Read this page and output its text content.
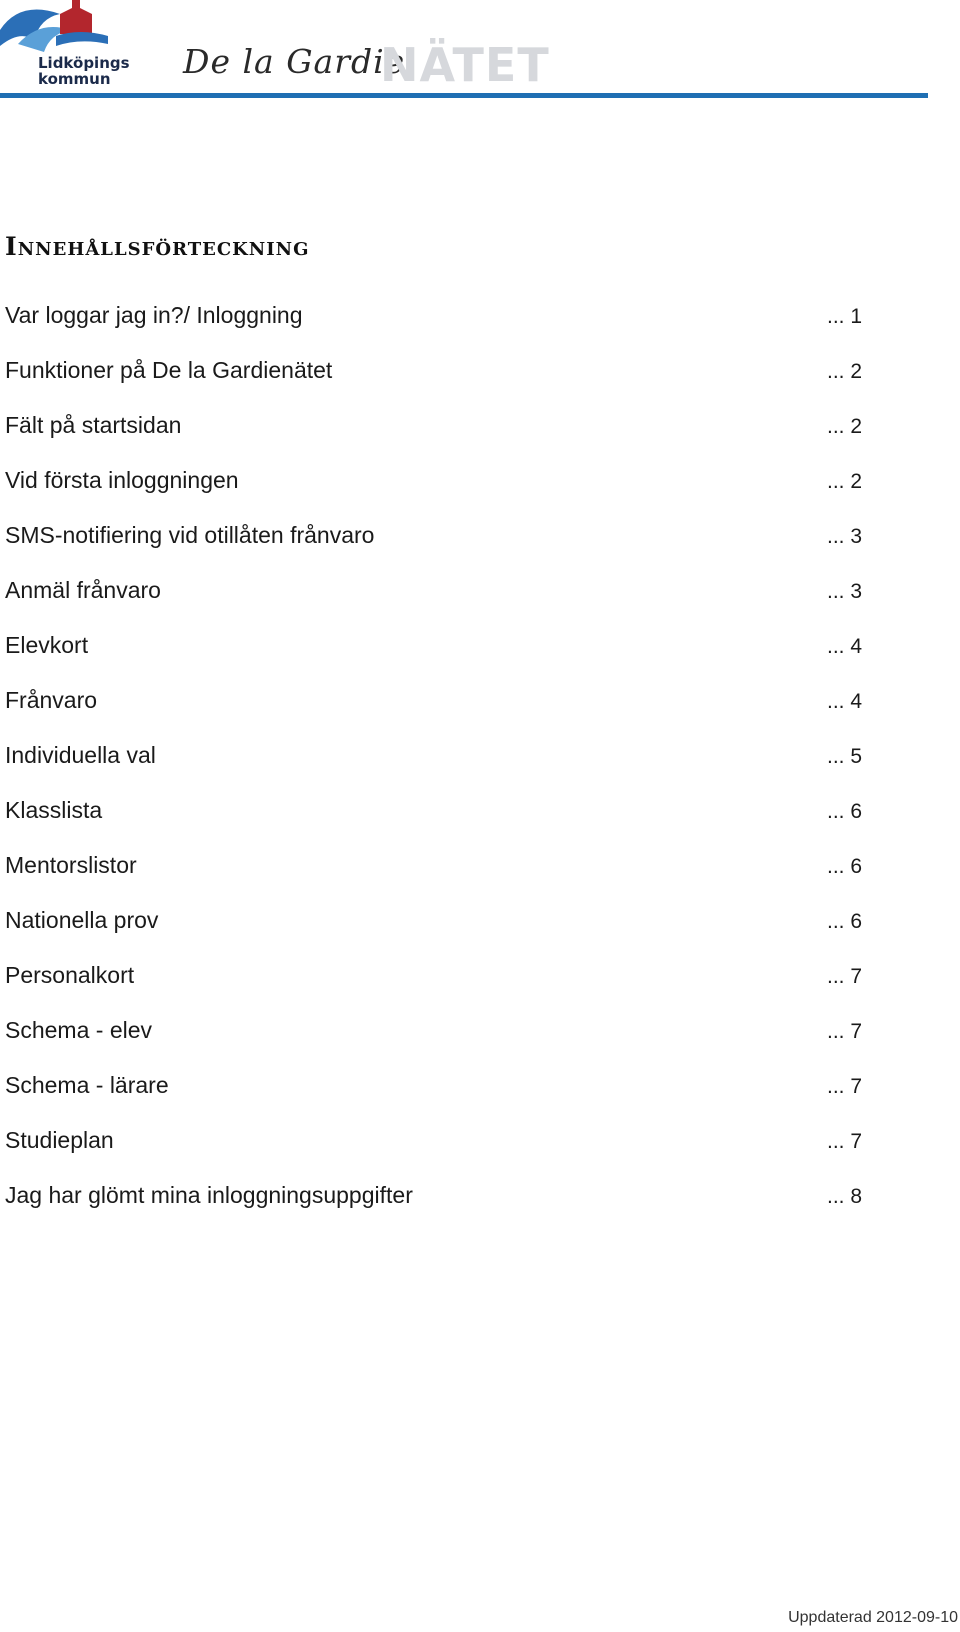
Lidköpings
kommun De la Gardie
NÄTET
Innehållsförteckning
Var loggar jag in?/ Inloggning	... 1
Funktioner på De la Gardienätet	... 2
Fält på startsidan	... 2
Vid första inloggningen	... 2
SMS-notifiering vid otillåten frånvaro	... 3
Anmäl frånvaro	... 3
Elevkort	... 4
Frånvaro	... 4
Individuella val	... 5
Klasslista	... 6
Mentorslistor	... 6
Nationella prov	... 6
Personalkort	... 7
Schema - elev	... 7
Schema - lärare	... 7
Studieplan	... 7
Jag har glömt mina inloggningsuppgifter	... 8
Uppdaterad 2012-09-10
